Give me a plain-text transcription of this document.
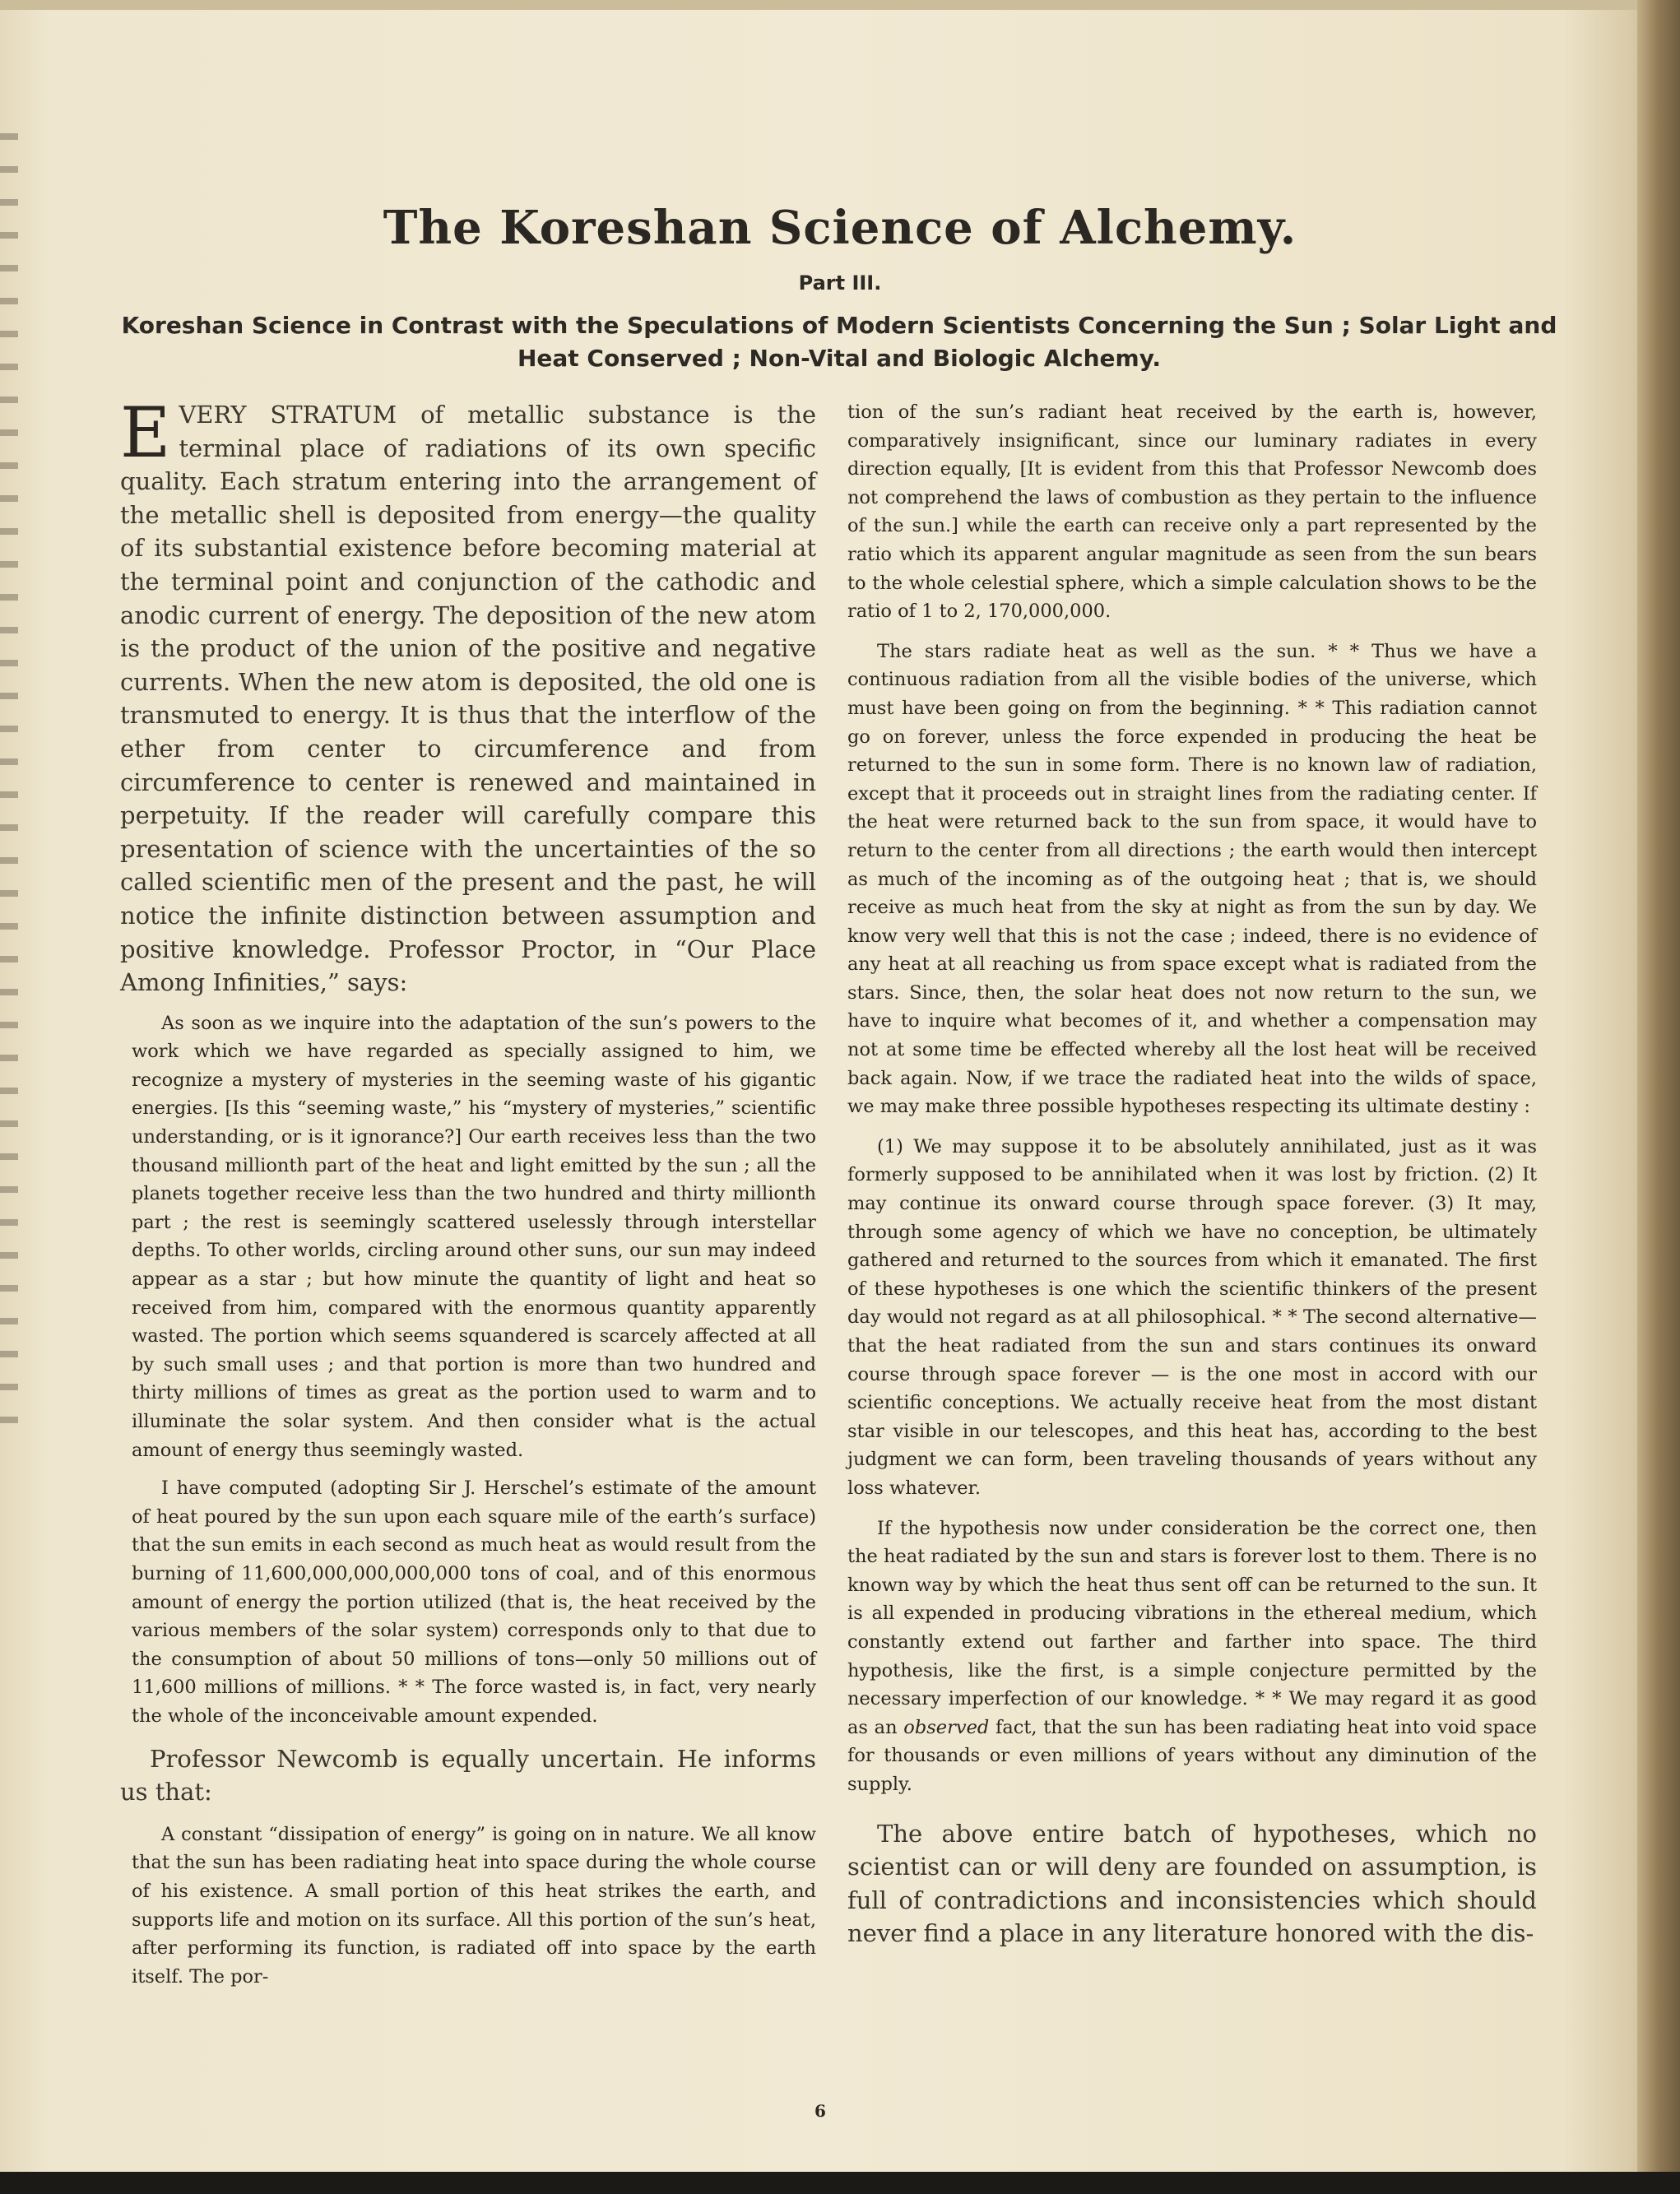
The Koreshan Science of Alchemy.
Part III.
Koreshan Science in Contrast with the Speculations of Modern Scientists Concerning the Sun ; Solar Light and Heat Conserved ; Non-Vital and Biologic Alchemy.

EVERY STRATUM of metallic substance is the terminal place of radiations of its own specific quality. Each stratum entering into the arrangement of the metallic shell is deposited from energy—the quality of its substantial existence before becoming material at the terminal point and conjunction of the cathodic and anodic current of energy. The deposition of the new atom is the product of the union of the positive and negative currents. When the new atom is deposited, the old one is transmuted to energy. It is thus that the interflow of the ether from center to circumference and from circumference to center is renewed and maintained in perpetuity. If the reader will carefully compare this presentation of science with the uncertainties of the so called scientific men of the present and the past, he will notice the infinite distinction between assumption and positive knowledge. Professor Proctor, in “Our Place Among Infinities,” says:

As soon as we inquire into the adaptation of the sun’s powers to the work which we have regarded as specially assigned to him, we recognize a mystery of mysteries in the seeming waste of his gigantic energies. [Is this “seeming waste,” his “mystery of mysteries,” scientific understanding, or is it ignorance?] Our earth receives less than the two thousand millionth part of the heat and light emitted by the sun ; all the planets together receive less than the two hundred and thirty millionth part ; the rest is seemingly scattered uselessly through interstellar depths. To other worlds, circling around other suns, our sun may indeed appear as a star ; but how minute the quantity of light and heat so received from him, compared with the enormous quantity apparently wasted. The portion which seems squandered is scarcely affected at all by such small uses ; and that portion is more than two hundred and thirty millions of times as great as the portion used to warm and to illuminate the solar system. And then consider what is the actual amount of energy thus seemingly wasted.

I have computed (adopting Sir J. Herschel’s estimate of the amount of heat poured by the sun upon each square mile of the earth’s surface) that the sun emits in each second as much heat as would result from the burning of 11,600,000,000,000,000 tons of coal, and of this enormous amount of energy the portion utilized (that is, the heat received by the various members of the solar system) corresponds only to that due to the consumption of about 50 millions of tons—only 50 millions out of 11,600 millions of millions. * * The force wasted is, in fact, very nearly the whole of the inconceivable amount expended.

Professor Newcomb is equally uncertain. He informs us that:

A constant “dissipation of energy” is going on in nature. We all know that the sun has been radiating heat into space during the whole course of his existence. A small portion of this heat strikes the earth, and supports life and motion on its surface. All this portion of the sun’s heat, after performing its function, is radiated off into space by the earth itself. The por-

tion of the sun’s radiant heat received by the earth is, however, comparatively insignificant, since our luminary radiates in every direction equally, [It is evident from this that Professor Newcomb does not comprehend the laws of combustion as they pertain to the influence of the sun.] while the earth can receive only a part represented by the ratio which its apparent angular magnitude as seen from the sun bears to the whole celestial sphere, which a simple calculation shows to be the ratio of 1 to 2, 170,000,000.

The stars radiate heat as well as the sun. * * Thus we have a continuous radiation from all the visible bodies of the universe, which must have been going on from the beginning. * * This radiation cannot go on forever, unless the force expended in producing the heat be returned to the sun in some form. There is no known law of radiation, except that it proceeds out in straight lines from the radiating center. If the heat were returned back to the sun from space, it would have to return to the center from all directions ; the earth would then intercept as much of the incoming as of the outgoing heat ; that is, we should receive as much heat from the sky at night as from the sun by day. We know very well that this is not the case ; indeed, there is no evidence of any heat at all reaching us from space except what is radiated from the stars. Since, then, the solar heat does not now return to the sun, we have to inquire what becomes of it, and whether a compensation may not at some time be effected whereby all the lost heat will be received back again. Now, if we trace the radiated heat into the wilds of space, we may make three possible hypotheses respecting its ultimate destiny :

(1) We may suppose it to be absolutely annihilated, just as it was formerly supposed to be annihilated when it was lost by friction. (2) It may continue its onward course through space forever. (3) It may, through some agency of which we have no conception, be ultimately gathered and returned to the sources from which it emanated. The first of these hypotheses is one which the scientific thinkers of the present day would not regard as at all philosophical. * * The second alternative—that the heat radiated from the sun and stars continues its onward course through space forever — is the one most in accord with our scientific conceptions. We actually receive heat from the most distant star visible in our telescopes, and this heat has, according to the best judgment we can form, been traveling thousands of years without any loss whatever.

If the hypothesis now under consideration be the correct one, then the heat radiated by the sun and stars is forever lost to them. There is no known way by which the heat thus sent off can be returned to the sun. It is all expended in producing vibrations in the ethereal medium, which constantly extend out farther and farther into space. The third hypothesis, like the first, is a simple conjecture permitted by the necessary imperfection of our knowledge. * * We may regard it as good as an observed fact, that the sun has been radiating heat into void space for thousands or even millions of years without any diminution of the supply.

The above entire batch of hypotheses, which no scientist can or will deny are founded on assumption, is full of contradictions and inconsistencies which should never find a place in any literature honored with the dis-

6
